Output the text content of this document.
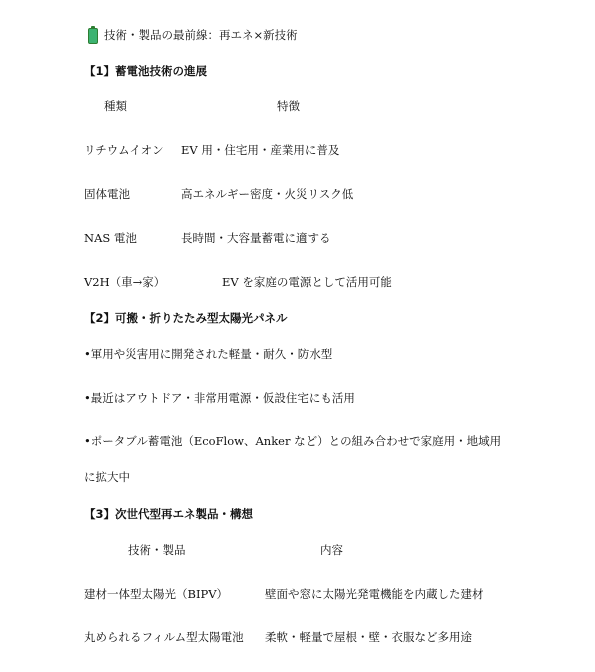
技術・製品の最前線：再エネ×新技術
【1】蓄電池技術の進展
種類	特徴
リチウムイオン EV 用・住宅用・産業用に普及
固体電池	高エネルギー密度・火災リスク低
NAS 電池	長時間・大容量蓄電に適する
V2H（車→家）	EV を家庭の電源として活用可能
【2】可搬・折りたたみ型太陽光パネル
•軍用や災害用に開発された軽量・耐久・防水型
•最近はアウトドア・非常用電源・仮設住宅にも活用
•ポータブル蓄電池（EcoFlow、Anker など）との組み合わせで家庭用・地域用
に拡大中
【3】次世代型再エネ製品・構想
技術・製品	内容
建材一体型太陽光（BIPV）	壁面や窓に太陽光発電機能を内蔵した建材
丸められるフィルム型太陽電池 柔軟・軽量で屋根・壁・衣服など多用途
